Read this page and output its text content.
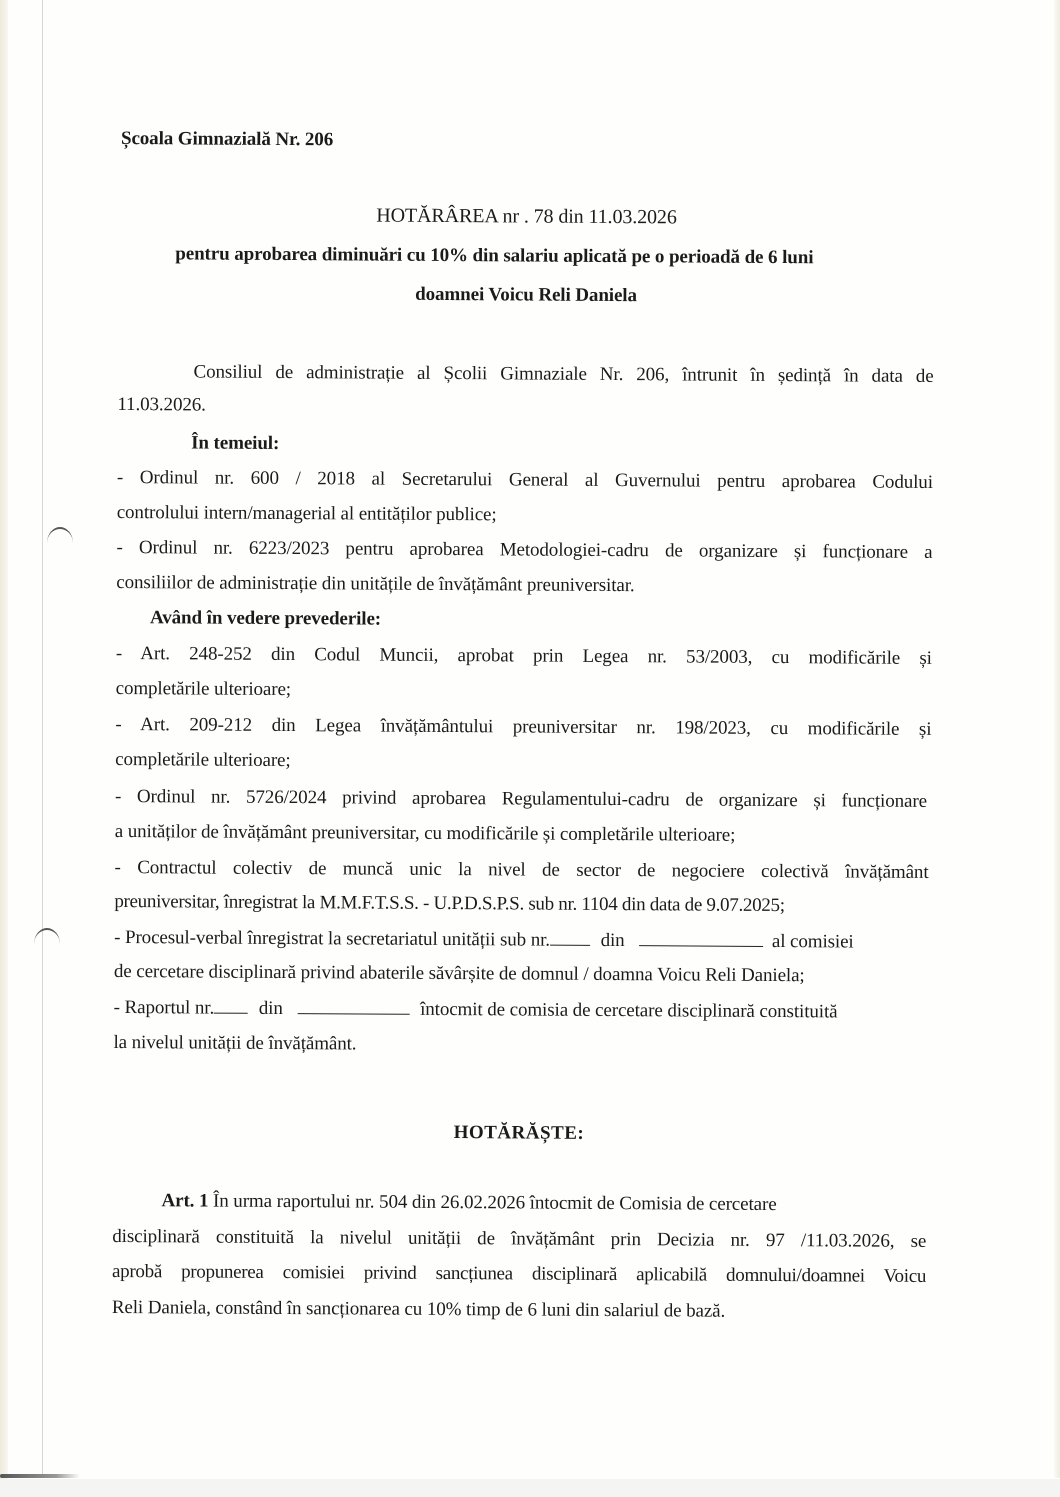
Școala Gimnazială Nr. 206
HOTĂRÂREA nr . 78 din 11.03.2026
pentru aprobarea diminuări cu 10% din salariu aplicată pe o perioadă de 6 luni
doamnei Voicu Reli Daniela
Consiliul de administrație al Școlii Gimnaziale Nr. 206, întrunit în ședință în data de
11.03.2026.
În temeiul:
- Ordinul nr. 600 / 2018 al Secretarului General al Guvernului pentru aprobarea Codului
controlului intern/managerial al entităților publice;
- Ordinul nr. 6223/2023 pentru aprobarea Metodologiei-cadru de organizare și funcționare a
consiliilor de administrație din unitățile de învățământ preuniversitar.
Având în vedere prevederile:
- Art. 248-252 din Codul Muncii, aprobat prin Legea nr. 53/2003, cu modificările și
completările ulterioare;
- Art. 209-212 din Legea învățământului preuniversitar nr. 198/2023, cu modificările și
completările ulterioare;
- Ordinul nr. 5726/2024 privind aprobarea Regulamentului-cadru de organizare și funcționare
a unităților de învățământ preuniversitar, cu modificările și completările ulterioare;
- Contractul colectiv de muncă unic la nivel de sector de negociere colectivă învățământ
preuniversitar, înregistrat la M.M.F.T.S.S. - U.P.D.S.P.S. sub nr. 1104 din data de 9.07.2025;
- Procesul-verbal înregistrat la secretariatul unității sub nr.	din	al comisiei
de cercetare disciplinară privind abaterile săvârșite de domnul / doamna Voicu Reli Daniela;
- Raportul nr. din	întocmit de comisia de cercetare disciplinară constituită
la nivelul unității de învățământ.
HOTĂRĂȘTE:
Art. 1 În urma raportului nr. 504 din 26.02.2026 întocmit de Comisia de cercetare
disciplinară constituită la nivelul unității de învățământ prin Decizia nr. 97 /11.03.2026, se
aprobă propunerea comisiei privind sancțiunea disciplinară aplicabilă domnului/doamnei Voicu
Reli Daniela, constând în sancționarea cu 10% timp de 6 luni din salariul de bază.
